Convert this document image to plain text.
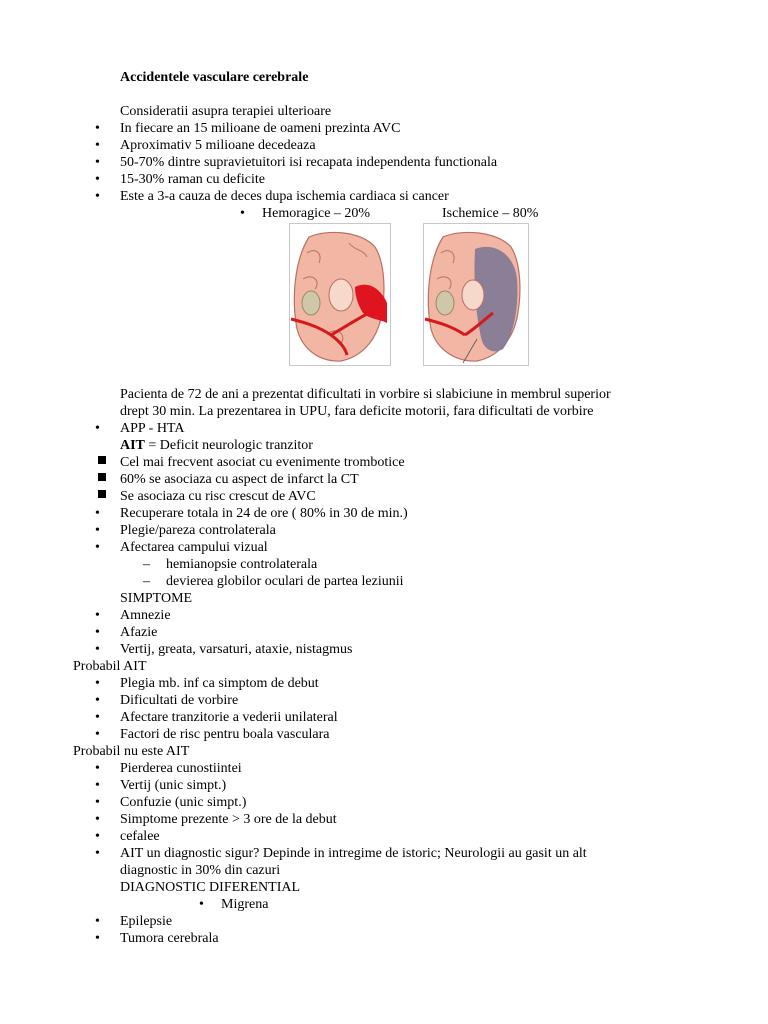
Accidentele vasculare cerebrale
Consideratii asupra terapiei ulterioare
• In fiecare an 15 milioane de oameni prezinta AVC
• Aproximativ 5 milioane decedeaza
• 50-70% dintre supravietuitori isi recapata independenta functionala
• 15-30% raman cu deficite
• Este a 3-a cauza de deces dupa ischemia cardiaca si cancer
• Hemoragice – 20%	Ischemice – 80%
Pacienta de 72 de ani a prezentat dificultati in vorbire si slabiciune in membrul superior
drept 30 min. La prezentarea in UPU, fara deficite motorii, fara dificultati de vorbire
• APP - HTA
AIT = Deficit neurologic tranzitor
Cel mai frecvent asociat cu evenimente trombotice
60% se asociaza cu aspect de infarct la CT
Se asociaza cu risc crescut de AVC
• Recuperare totala in 24 de ore ( 80% in 30 de min.)
• Plegie/pareza controlaterala
• Afectarea campului vizual
– hemianopsie controlaterala
– devierea globilor oculari de partea leziunii
SIMPTOME
• Amnezie
• Afazie
• Vertij, greata, varsaturi, ataxie, nistagmus
Probabil AIT
• Plegia mb. inf ca simptom de debut
• Dificultati de vorbire
• Afectare tranzitorie a vederii unilateral
• Factori de risc pentru boala vasculara
Probabil nu este AIT
• Pierderea cunostiintei
• Vertij (unic simpt.)
• Confuzie (unic simpt.)
• Simptome prezente > 3 ore de la debut
• cefalee
• AIT un diagnostic sigur? Depinde in intregime de istoric; Neurologii au gasit un alt
diagnostic in 30% din cazuri
DIAGNOSTIC DIFERENTIAL
• Migrena
• Epilepsie
• Tumora cerebrala
